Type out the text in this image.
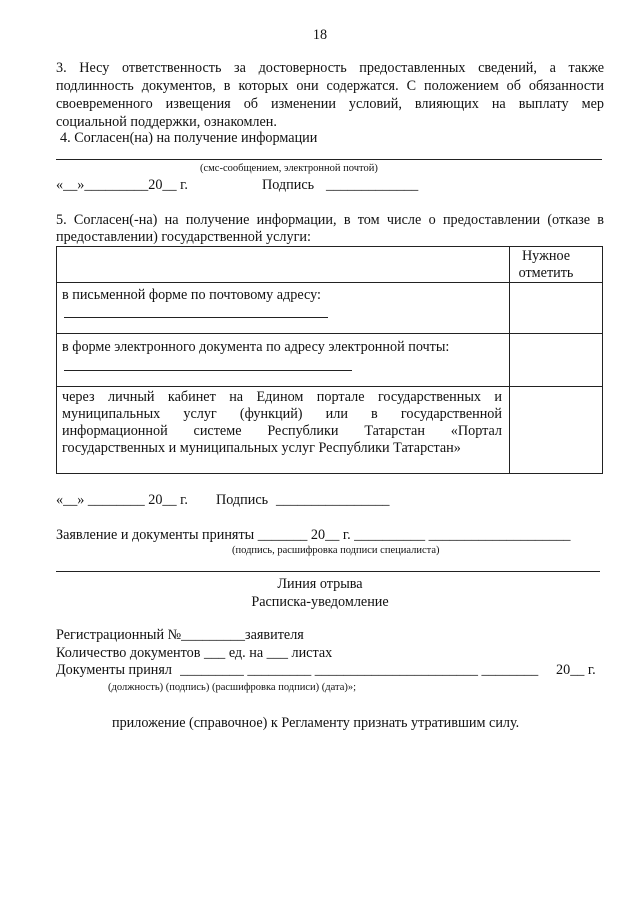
18
3. Несу ответственность за достоверность предоставленных сведений, а также
подлинность документов, в которых они содержатся. С положением об обязанности
своевременного извещения об изменении условий, влияющих на выплату мер
социальной поддержки, ознакомлен.
4. Согласен(на) на получение информации
(смс-сообщением, электронной почтой)
«__»_________20__ г.	Подпись _____________
5. Согласен(-на) на получение информации, в том числе о предоставлении (отказе в
предоставлении) государственной услуги:
Нужное отметить
в письменной форме по почтовому адресу:
в форме электронного документа по адресу электронной почты:
через личный кабинет на Едином портале государственных и
муниципальных услуг (функций) или в государственной
информационной системе Республики Татарстан «Портал
государственных и муниципальных услуг Республики Татарстан»
«__» ________ 20__ г. Подпись ________________
Заявление и документы приняты _______ 20__ г. __________ ____________________
(подпись, расшифровка подписи специалиста)
Линия отрыва
Расписка-уведомление
Регистрационный №_________заявителя
Количество документов ___ ед. на ___ листах
Документы принял _________ _________ _______________________ ________	20__ г.
(должность) (подпись) (расшифровка подписи) (дата)»;
приложение (справочное) к Регламенту признать утратившим силу.
